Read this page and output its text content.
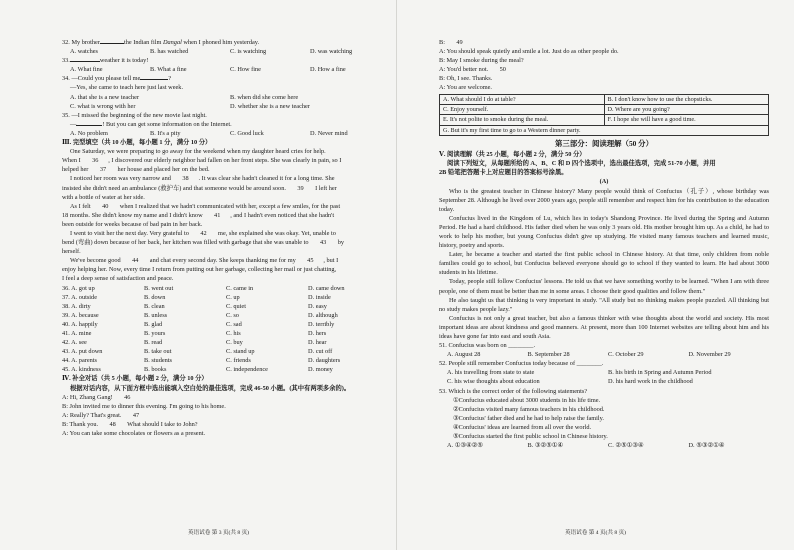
32. My brother	the Indian film Dangal when I phoned him yesterday.
A. watches	B. has watched	C. is watching	D. was watching
33.	weather it is today!
A. What fine	B. What a fine	C. How fine	D. How a fine
34. —Could you please tell me	?
—Yes, she came to teach here just last week.
A. that she is a new teacher	B. when did she come here
C. what is wrong with her	D. whether she is a new teacher
35. —I missed the beginning of the new movie last night.
—	! But you can get some information on the Internet.
A. No problem	B. It's a pity	C. Good luck	D. Never mind
Ⅲ. 完型填空（共 10 小题，每小题 1 分，满分 10 分）
One Saturday, we were preparing to go away for the weekend when my daughter heard cries for help.
When I 36 , I discovered our elderly neighbor had fallen on her front steps. She was clearly in pain, so I
helped her 37 her house and placed her on the bed.
I noticed her room was very narrow and 38 . It was clear she hadn't cleaned it for a long time. She
insisted she didn't need an ambulance (救护车) and that someone would be around soon. 39 I left her
with a bottle of water at her side.
As I felt 40 when I realized that we hadn't communicated with her, except a few smiles, for the past
18 months. She didn't know my name and I didn't know 41 , and I hadn't even noticed that she hadn't
been outside for weeks because of bad pain in her back.
I went to visit her the next day. Very grateful to 42 me, she explained she was okay. Yet, unable to
bend (弯曲) down because of her back, her kitchen was filled with garbage that she was unable to 43 by
herself.
We've become good 44 and chat every second day. She keeps thanking me for my 45 , but I
enjoy helping her. Now, every time I return from putting out her garbage, collecting her mail or just chatting,
I feel a deep sense of satisfaction and peace.
36. A. got up	B. went out	C. came in	D. came down
37. A. outside	B. down	C. up	D. inside
38. A. dirty	B. clean	C. quiet	D. easy
39. A. because	B. unless	C. so	D. although
40. A. happily	B. glad	C. sad	D. terribly
41. A. mine	B. yours	C. his	D. hers
42. A. see	B. read	C. buy	D. hear
43. A. put down	B. take out	C. stand up	D. cut off
44. A. parents	B. students	C. friends	D. daughters
45. A. kindness	B. books	C. independence	D. money
Ⅳ. 补全对话（共 5 小题，每小题 2 分，满分 10 分）
根据对话内容，从下面方框中选出能填入空白处的最佳选项，完成 46-50 小题。(其中有两项多余的)。
A: Hi, Zhang Gang! 46
B: John invited me to dinner this evening. I'm going to his home.
A: Really? That's great. 47
B: Thank you. 48 What should I take to John?
A: You can take some chocolates or flowers as a present.
英语试卷 第 3 页(共 8 页)
B: 49
A: You should speak quietly and smile a lot. Just do as other people do.
B: May I smoke during the meal?
A: You'd better not. 50
B: Oh, I see. Thanks.
A: You are welcome.
A. What should I do at table?	B. I don't know how to use the chopsticks.
C. Enjoy yourself.	D. Where are you going?
E. It's not polite to smoke during the meal.	F. I hope she will have a good time.
G. But it's my first time to go to a Western dinner party.	
第三部分：阅读理解（50 分）
Ⅴ. 阅读理解（共 25 小题，每小题 2 分，满分 50 分）
阅读下列短文，从每题所给的 A、B、C 和 D 四个选项中，选出最佳选项，完成 51-70 小题，并用
2B 铅笔把答题卡上对应题目的答案标号涂黑。
(A)

Who is the greatest teacher in Chinese history? Many people would think of Confucius（孔子）, whose birthday was September 28. Although he lived over 2000 years ago, people still remember and respect him for his contribution to the education today.

Confucius lived in the Kingdom of Lu, which lies in today's Shandong Province. He lived during the Spring and Autumn Period. He had a hard childhood. His father died when he was only 3 years old. His mother brought him up. As a child, he had to work to help his mother, but young Confucius didn't give up studying. He visited many famous teachers and learned music, history, poetry and sports.

Later, he became a teacher and started the first public school in Chinese history. At that time, only children from noble families could go to school, but Confucius believed everyone should go to school if they wanted to learn. He had about 3000 students in his lifetime.

Today, people still follow Confucius' lessons. He told us that we have something worthy to be learned. "When I am with three people, one of them must be better than me in some areas. I choose their good qualities and follow them."

He also taught us that thinking is very important in study. "All study but no thinking makes people puzzled. All thinking but no study makes people lazy."

Confucius is not only a great teacher, but also a famous thinker with wise thoughts about the world and society. His most important ideas are about kindness and good manners. At present, more than 100 Internet websites are telling about him and his ideas have gone far into east and south Asia.

51. Confucius was born on ________.
A. August 28	B. September 28	C. October 29	D. November 29
52. People still remember Confucius today because of ________.
A. his travelling from state to state	B. his birth in Spring and Autumn Period
C. his wise thoughts about education	D. his hard work in the childhood
53. Which is the correct order of the following statements?
①Confucius educated about 3000 students in his life time.
②Confucius visited many famous teachers in his childhood.
③Confucius' father died and he had to help raise the family.
④Confucius' ideas are learned from all over the world.
⑤Confucius started the first public school in Chinese history.
A. ①③④②⑤	B. ③②⑤①④	C. ②⑤①③④	D. ⑤③②①④
英语试卷 第 4 页(共 8 页)
